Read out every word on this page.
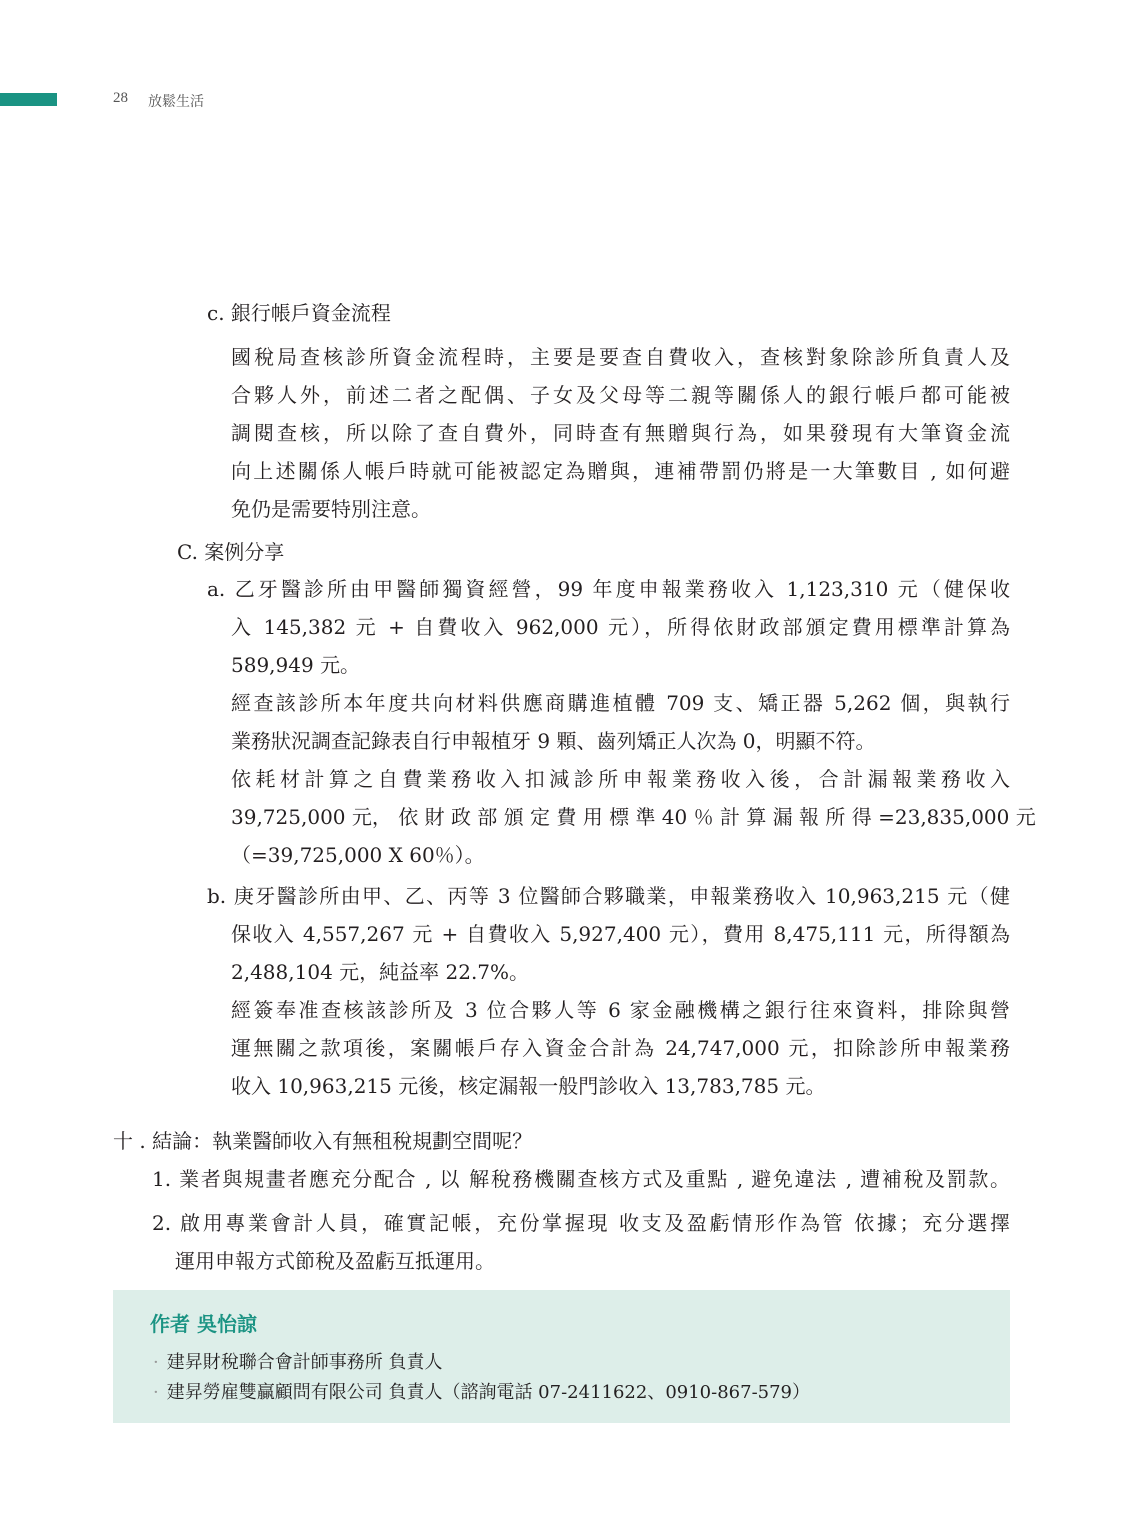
28 放鬆生活
c. 銀行帳戶資金流程
國稅局查核診所資金流程時，主要是要查自費收入，查核對象除診所負責人及
合夥人外，前述二者之配偶、子女及父母等二親等關係人的銀行帳戶都可能被
調閱查核，所以除了查自費外，同時查有無贈與行為，如果發現有大筆資金流
向上述關係人帳戶時就可能被認定為贈與，連補帶罰仍將是一大筆數目 , 如何避
免仍是需要特別注意。
C. 案例分享
a. 乙牙醫診所由甲醫師獨資經營，99 年度申報業務收入 1,123,310 元（健保收
入 145,382 元 + 自費收入 962,000 元），所得依財政部頒定費用標準計算為
589,949 元。
經查該診所本年度共向材料供應商購進植體 709 支、矯正器 5,262 個，與執行
業務狀況調查記錄表自行申報植牙 9 顆、齒列矯正人次為 0，明顯不符。
依耗材計算之自費業務收入扣減診所申報業務收入後，合計漏報業務收入
39,725,000 元， 依 財 政 部 頒 定 費 用 標 準 40 ％ 計 算 漏 報 所 得 =23,835,000 元
（=39,725,000 X 60％）。
b. 庚牙醫診所由甲、乙、丙等 3 位醫師合夥職業，申報業務收入 10,963,215 元（健
保收入 4,557,267 元 + 自費收入 5,927,400 元），費用 8,475,111 元，所得額為
2,488,104 元，純益率 22.7%。
經簽奉准查核該診所及 3 位合夥人等 6 家金融機構之銀行往來資料，排除與營
運無關之款項後，案關帳戶存入資金合計為 24,747,000 元，扣除診所申報業務
收入 10,963,215 元後，核定漏報一般門診收入 13,783,785 元。
十 . 結論：執業醫師收入有無租稅規劃空間呢？
1. 業者與規畫者應充分配合 , 以 解稅務機關查核方式及重點 , 避免違法 , 遭補稅及罰款。
2. 啟用專業會計人員，確實記帳，充份掌握現 收支及盈虧情形作為管 依據；充分選擇
運用申報方式節稅及盈虧互抵運用。
作者 吳怡諒
· 建昇財稅聯合會計師事務所 負責人
· 建昇勞雇雙贏顧問有限公司 負責人（諮詢電話 07-2411622、0910-867-579）
